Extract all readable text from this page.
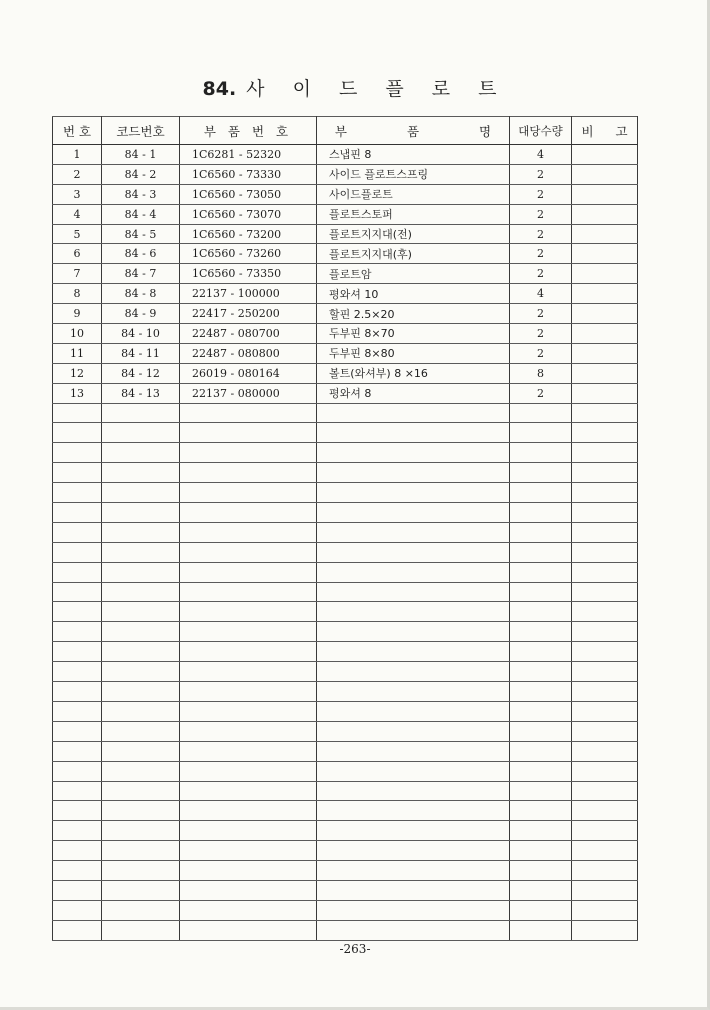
84. 사 이 드 플 로 트
번 호	코드번호	부 품 번 호	부 품 명	대당수량	비 고
1	84 - 1	1C6281 - 52320	스냅핀 8	4	
2	84 - 2	1C6560 - 73330	사이드 플로트스프링	2	
3	84 - 3	1C6560 - 73050	사이드플로트	2	
4	84 - 4	1C6560 - 73070	플로트스토퍼	2	
5	84 - 5	1C6560 - 73200	플로트지지대(전)	2	
6	84 - 6	1C6560 - 73260	플로트지지대(후)	2	
7	84 - 7	1C6560 - 73350	플로트암	2	
8	84 - 8	22137 - 100000	평와셔 10	4	
9	84 - 9	22417 - 250200	할핀 2.5×20	2	
10	84 - 10	22487 - 080700	두부핀 8×70	2	
11	84 - 11	22487 - 080800	두부핀 8×80	2	
12	84 - 12	26019 - 080164	볼트(와셔부) 8 ×16	8	
13	84 - 13	22137 - 080000	평와셔 8	2	

-263-
